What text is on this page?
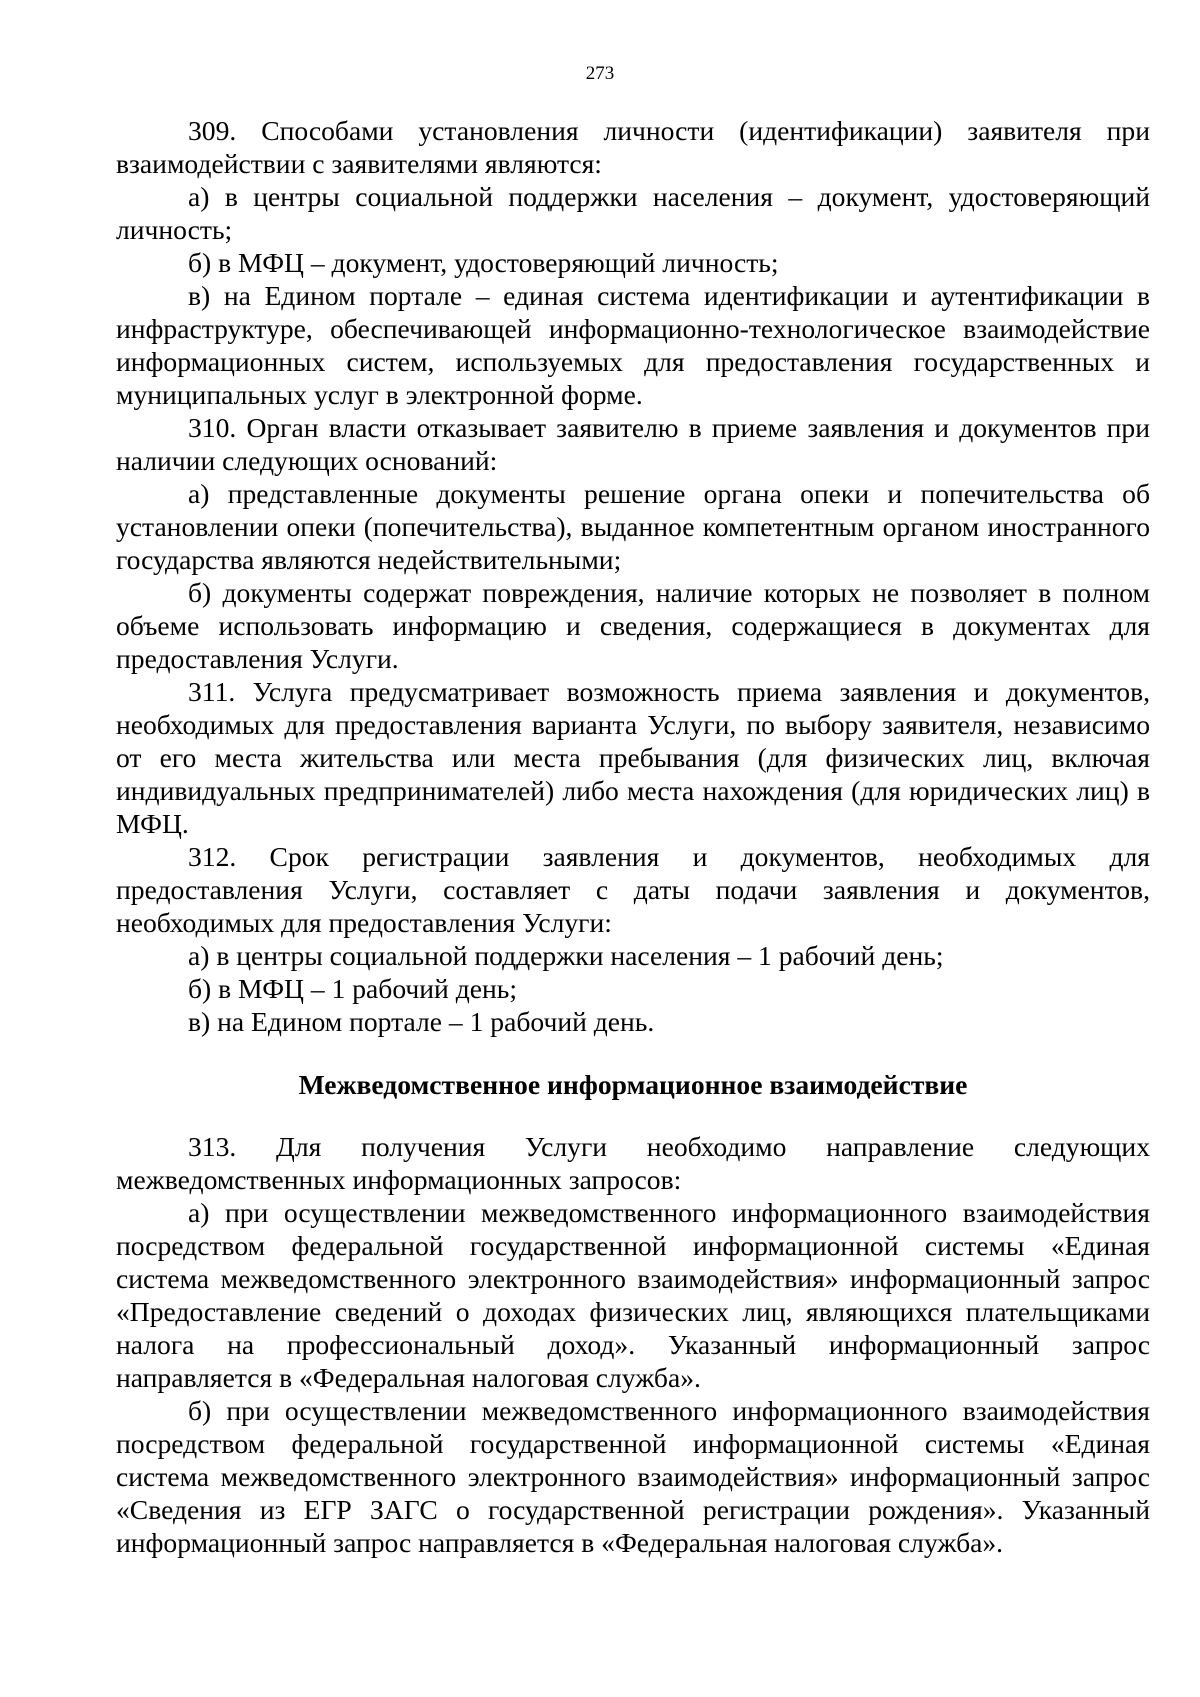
273

309. Способами установления личности (идентификации) заявителя при взаимодействии с заявителями являются:

а) в центры социальной поддержки населения – документ, удостоверяющий личность;

б) в МФЦ – документ, удостоверяющий личность;

в) на Едином портале – единая система идентификации и аутентификации в инфраструктуре, обеспечивающей информационно-технологическое взаимодействие информационных систем, используемых для предоставления государственных и муниципальных услуг в электронной форме.

310. Орган власти отказывает заявителю в приеме заявления и документов при наличии следующих оснований:

а) представленные документы решение органа опеки и попечительства об установлении опеки (попечительства), выданное компетентным органом иностранного государства являются недействительными;

б) документы содержат повреждения, наличие которых не позволяет в полном объеме использовать информацию и сведения, содержащиеся в документах для предоставления Услуги.

311. Услуга предусматривает возможность приема заявления и документов, необходимых для предоставления варианта Услуги, по выбору заявителя, независимо от его места жительства или места пребывания (для физических лиц, включая индивидуальных предпринимателей) либо места нахождения (для юридических лиц) в МФЦ.

312. Срок регистрации заявления и документов, необходимых для предоставления Услуги, составляет с даты подачи заявления и документов, необходимых для предоставления Услуги:

а) в центры социальной поддержки населения – 1 рабочий день;

б) в МФЦ – 1 рабочий день;

в) на Едином портале – 1 рабочий день.

Межведомственное информационное взаимодействие

313. Для получения Услуги необходимо направление следующих межведомственных информационных запросов:

а) при осуществлении межведомственного информационного взаимодействия посредством федеральной государственной информационной системы «Единая система межведомственного электронного взаимодействия» информационный запрос «Предоставление сведений о доходах физических лиц, являющихся плательщиками налога на профессиональный доход». Указанный информационный запрос направляется в «Федеральная налоговая служба».

б) при осуществлении межведомственного информационного взаимодействия посредством федеральной государственной информационной системы «Единая система межведомственного электронного взаимодействия» информационный запрос «Сведения из ЕГР ЗАГС о государственной регистрации рождения». Указанный информационный запрос направляется в «Федеральная налоговая служба».
